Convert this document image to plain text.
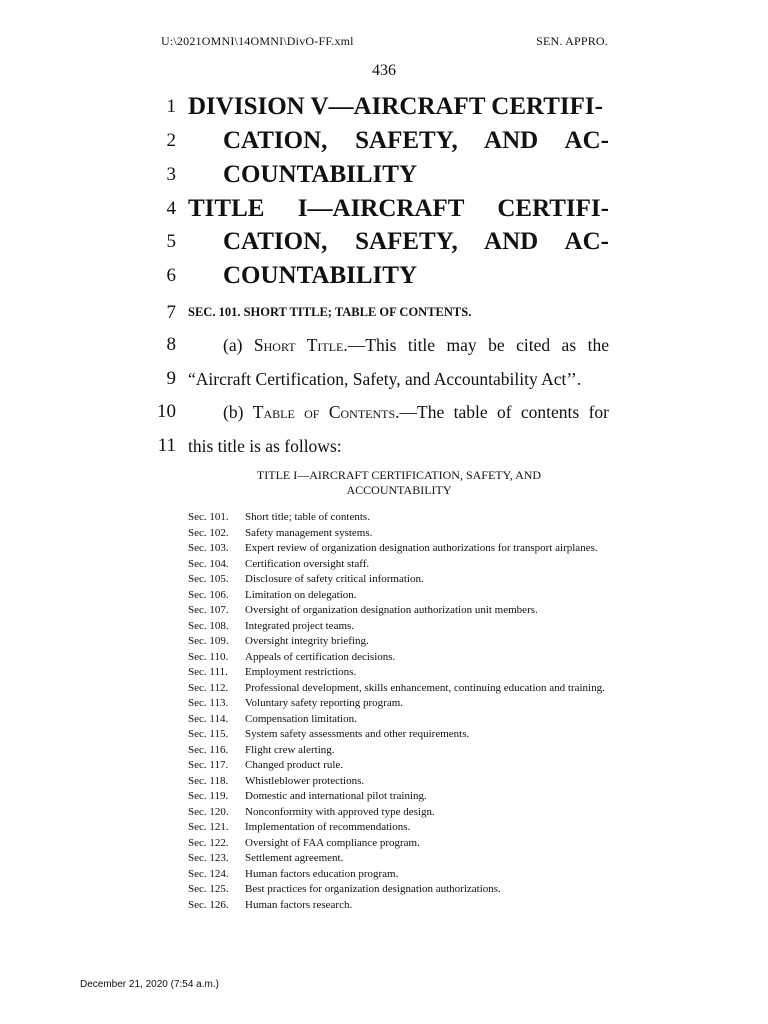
U:\2021OMNI\14OMNI\DivO-FF.xml	SEN. APPRO.
436
1
2
3
4
5
6
7
8
9
10
11
DIVISION V—AIRCRAFT CERTIFI-
CATION, SAFETY, AND AC-
COUNTABILITY
TITLE I—AIRCRAFT CERTIFI-
CATION, SAFETY, AND AC-
COUNTABILITY
SEC. 101. SHORT TITLE; TABLE OF CONTENTS.
(a) Short Title.—This title may be cited as the
“Aircraft Certification, Safety, and Accountability Act’’.
(b) Table of Contents.—The table of contents for
this title is as follows:
TITLE I—AIRCRAFT CERTIFICATION, SAFETY, AND
ACCOUNTABILITY
Sec. 101.	Short title; table of contents.
Sec. 102.	Safety management systems.
Sec. 103.	Expert review of organization designation authorizations for transport airplanes.
Sec. 104.	Certification oversight staff.
Sec. 105.	Disclosure of safety critical information.
Sec. 106.	Limitation on delegation.
Sec. 107.	Oversight of organization designation authorization unit members.
Sec. 108.	Integrated project teams.
Sec. 109.	Oversight integrity briefing.
Sec. 110.	Appeals of certification decisions.
Sec. 111.	Employment restrictions.
Sec. 112.	Professional development, skills enhancement, continuing education and training.
Sec. 113.	Voluntary safety reporting program.
Sec. 114.	Compensation limitation.
Sec. 115.	System safety assessments and other requirements.
Sec. 116.	Flight crew alerting.
Sec. 117.	Changed product rule.
Sec. 118.	Whistleblower protections.
Sec. 119.	Domestic and international pilot training.
Sec. 120.	Nonconformity with approved type design.
Sec. 121.	Implementation of recommendations.
Sec. 122.	Oversight of FAA compliance program.
Sec. 123.	Settlement agreement.
Sec. 124.	Human factors education program.
Sec. 125.	Best practices for organization designation authorizations.
Sec. 126.	Human factors research.
December 21, 2020 (7:54 a.m.)
